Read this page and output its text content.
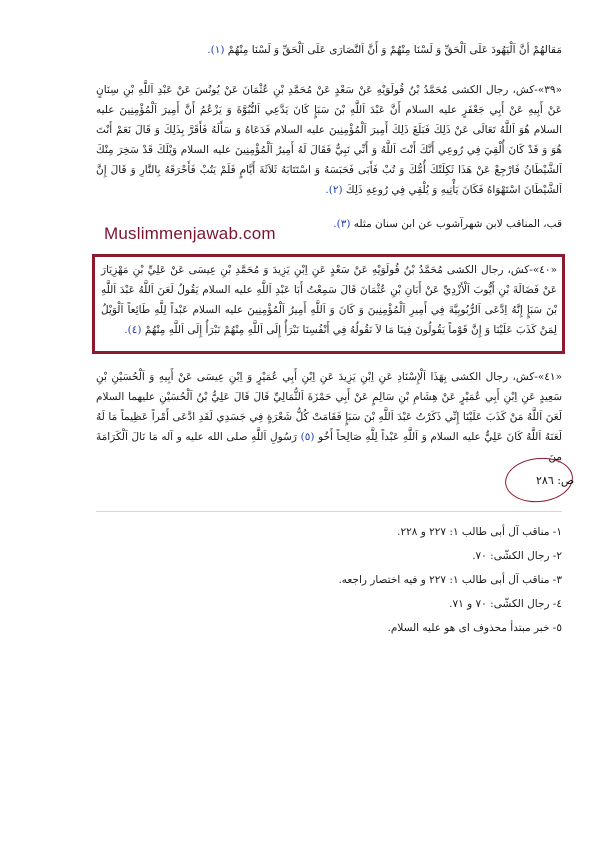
مَقالهُمْ أنَّ اَلْيَهُودَ عَلَى اَلْحَقِّ وَ لَسْنَا مِنْهُمْ وَ أَنَّ اَلنَّصَارَى عَلَى اَلْحَقِّ وَ لَسْنَا مِنْهُمْ (١).

«٣٩»-كش، رجال الكشى مُحَمَّدُ بْنُ قُولَوَيْهِ عَنْ سَعْدٍ عَنْ مُحَمَّدِ بْنِ عُثْمَانَ عَنْ يُونُسَ عَنْ عَبْدِ اَللَّهِ بْنِ سِنَانٍ عَنْ أَبِيهِ عَنْ أَبِي جَعْفَرٍ عليه السلام أَنَّ عَبْدَ اَللَّهِ بْنَ سَبَإٍ كَانَ يَدَّعِي اَلنُّبُوَّةَ وَ يَزْعُمُ أَنَّ أَمِيرَ اَلْمُؤْمِنِينَ عليه السلام هُوَ اَللَّهُ تَعَالَى عَنْ ذَلِكَ فَبَلَغَ ذَلِكَ أَمِيرَ اَلْمُؤْمِنِينَ عليه السلام فَدَعَاهُ وَ سَأَلَهُ فَأَقَرَّ بِذَلِكَ وَ قَالَ نَعَمْ أَنْتَ هُوَ وَ قَدْ كَانَ أُلْقِيَ فِي رُوعِي أَنَّكَ أَنْتَ اَللَّهُ وَ أَنِّي نَبِيٌّ فَقَالَ لَهُ أَمِيرُ اَلْمُؤْمِنِينَ عليه السلام وَيْلَكَ قَدْ سَخِرَ مِنْكَ اَلشَّيْطَانُ فَارْجِعْ عَنْ هَذَا ثَكِلَتْكَ أُمُّكَ وَ تُبْ فَأَبَى فَحَبَسَهُ وَ اسْتَتَابَهُ ثَلاَثَةَ أَيَّامٍ فَلَمْ يَتُبْ فَأَحْرَقَهُ بِالنَّارِ وَ قَالَ إِنَّ اَلشَّيْطَانَ اسْتَهْوَاهُ فَكَانَ يَأْتِيهِ وَ يُلْقِي فِي رُوعِهِ ذَلِكَ (٢).

قب، المناقب لابن شهرآشوب عن ابن سنان مثله (٣).

Muslimmenjawab.com

«٤٠»-كش، رجال الكشى مُحَمَّدُ بْنُ قُولَوَيْهِ عَنْ سَعْدٍ عَنِ اِبْنِ يَزِيدَ وَ مُحَمَّدِ بْنِ عِيسَى عَنْ عَلِيِّ بْنِ مَهْزِيَارَ عَنْ فَضَالَةَ بْنِ أَيُّوبَ اَلْأَزْدِيِّ عَنْ أَبَانِ بْنِ عُثْمَانَ قَالَ سَمِعْتُ أَبَا عَبْدِ اَللَّهِ عليه السلام يَقُولُ لَعَنَ اَللَّهُ عَبْدَ اَللَّهِ بْنَ سَبَإٍ إِنَّهُ اِدَّعَى اَلرُّبُوبِيَّةَ فِي أَمِيرِ اَلْمُؤْمِنِينَ وَ كَانَ وَ اَللَّهِ أَمِيرُ اَلْمُؤْمِنِينَ عليه السلام عَبْداً لِلَّهِ طَائِعاً اَلْوَيْلُ لِمَنْ كَذَبَ عَلَيْنَا وَ إِنَّ قَوْماً يَقُولُونَ فِينَا مَا لاَ نَقُولُهُ فِي أَنْفُسِنَا نَبْرَأُ إِلَى اَللَّهِ مِنْهُمْ نَبْرَأُ إِلَى اَللَّهِ مِنْهُمْ (٤).

«٤١»-كش، رجال الكشى بِهَذَا اَلْإِسْنَادِ عَنِ اِبْنِ يَزِيدَ عَنِ اِبْنِ أَبِي عُمَيْرٍ وَ اِبْنِ عِيسَى عَنْ أَبِيهِ وَ اَلْحُسَيْنِ بْنِ سَعِيدٍ عَنِ اِبْنِ أَبِي عُمَيْرٍ عَنْ هِشَامِ بْنِ سَالِمٍ عَنْ أَبِي حَمْزَةَ اَلثُّمَالِيِّ قَالَ قَالَ عَلِيُّ بْنُ اَلْحُسَيْنِ عليهما السلام لَعَنَ اَللَّهُ مَنْ كَذَبَ عَلَيْنَا إِنِّي ذَكَرْتُ عَبْدَ اَللَّهِ بْنَ سَبَإٍ فَقَامَتْ كُلُّ شَعْرَةٍ فِي جَسَدِي لَقَدِ ادَّعَى أَمْراً عَظِيماً مَا لَهُ لَعَنَهُ اَللَّهُ كَانَ عَلِيٌّ عليه السلام وَ اَللَّهِ عَبْداً لِلَّهِ صَالِحاً أَخُو (٥) رَسُولِ اَللَّهِ صلى الله عليه و آله مَا نَالَ اَلْكَرَامَةَ مِنَ

ص: ٢٨٦
١- مناقب آل أبی طالب ١: ٢٢٧ و ٢٢٨.
٢- رجال الكشّی: ٧٠.
٣- مناقب آل أبی طالب ١: ٢٢٧ و فيه اختصار راجعه.
٤- رجال الكشّی: ٧٠ و ٧١.
٥- خبر مبتدأ محذوف ای هو عليه السلام.
